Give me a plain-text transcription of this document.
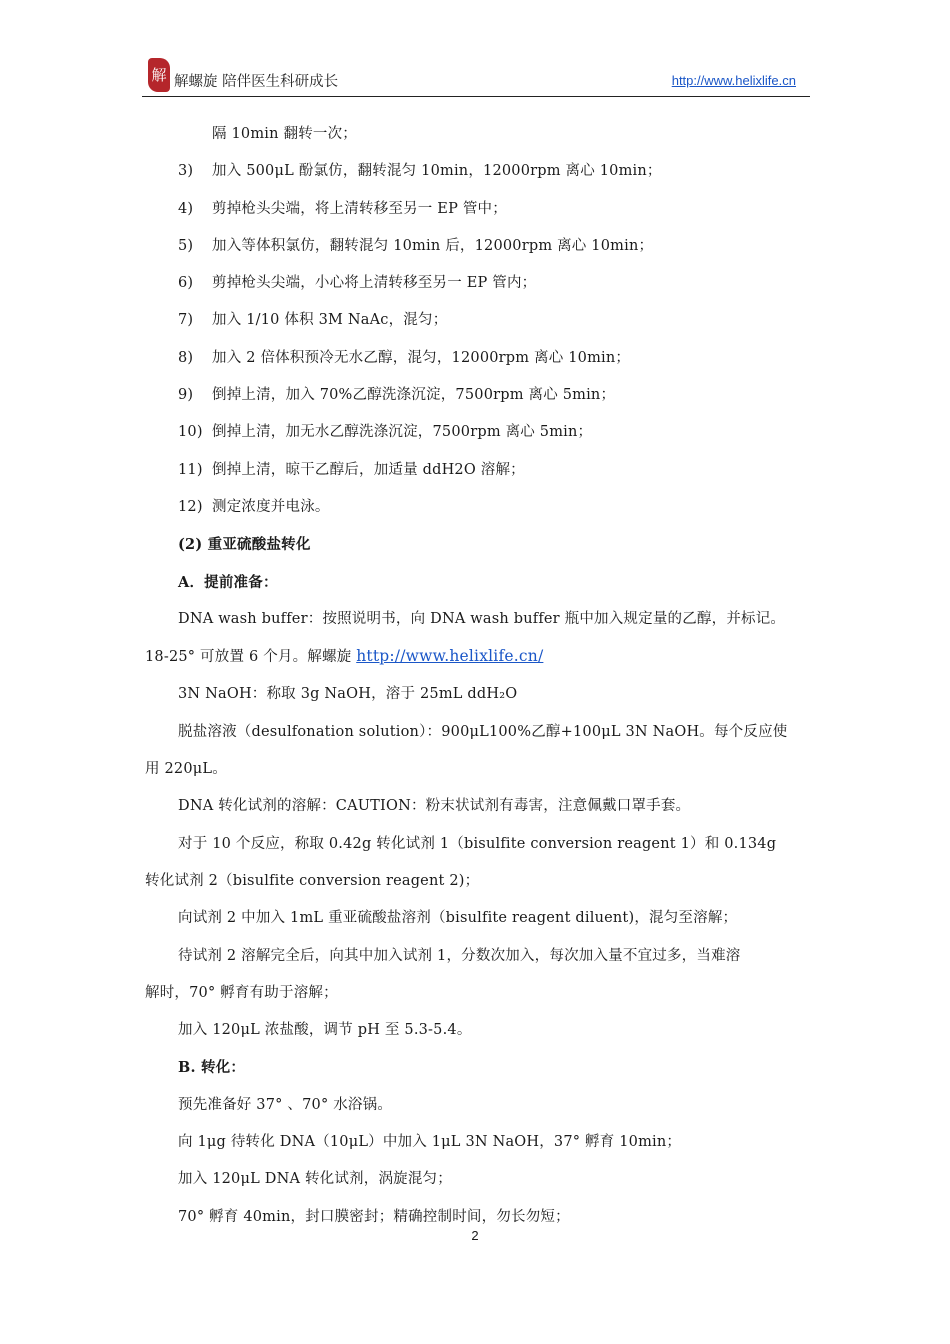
解 解螺旋 陪伴医生科研成长	http://www.helixlife.cn

隔 10min 翻转一次；

3) 加入 500μL 酚氯仿，翻转混匀 10min，12000rpm 离心 10min；

4) 剪掉枪头尖端，将上清转移至另一 EP 管中；

5) 加入等体积氯仿，翻转混匀 10min 后，12000rpm 离心 10min；

6) 剪掉枪头尖端，小心将上清转移至另一 EP 管内；

7) 加入 1/10 体积 3M NaAc，混匀；

8) 加入 2 倍体积预冷无水乙醇，混匀，12000rpm 离心 10min；

9) 倒掉上清，加入 70%乙醇洗涤沉淀，7500rpm 离心 5min；

10) 倒掉上清，加无水乙醇洗涤沉淀，7500rpm 离心 5min；

11) 倒掉上清，晾干乙醇后，加适量 ddH2O 溶解；

12) 测定浓度并电泳。

(2) 重亚硫酸盐转化

A．提前准备：

DNA wash buffer：按照说明书，向 DNA wash buffer 瓶中加入规定量的乙醇，并标记。

18-25° 可放置 6 个月。解螺旋 http://www.helixlife.cn/

3N NaOH：称取 3g NaOH，溶于 25mL ddH₂O

脱盐溶液（desulfonation solution）：900μL100%乙醇+100μL 3N NaOH。每个反应使

用 220μL。

DNA 转化试剂的溶解：CAUTION：粉末状试剂有毒害，注意佩戴口罩手套。

对于 10 个反应，称取 0.42g 转化试剂 1（bisulfite conversion reagent 1）和 0.134g

转化试剂 2（bisulfite conversion reagent 2)；

向试剂 2 中加入 1mL 重亚硫酸盐溶剂（bisulfite reagent diluent)，混匀至溶解；

待试剂 2 溶解完全后，向其中加入试剂 1，分数次加入，每次加入量不宜过多，当难溶

解时，70° 孵育有助于溶解；

加入 120μL 浓盐酸，调节 pH 至 5.3-5.4。

B. 转化：

预先准备好 37° 、70° 水浴锅。

向 1μg 待转化 DNA（10μL）中加入 1μL 3N NaOH，37° 孵育 10min；

加入 120μL DNA 转化试剂，涡旋混匀；

70° 孵育 40min，封口膜密封；精确控制时间，勿长勿短；

2
